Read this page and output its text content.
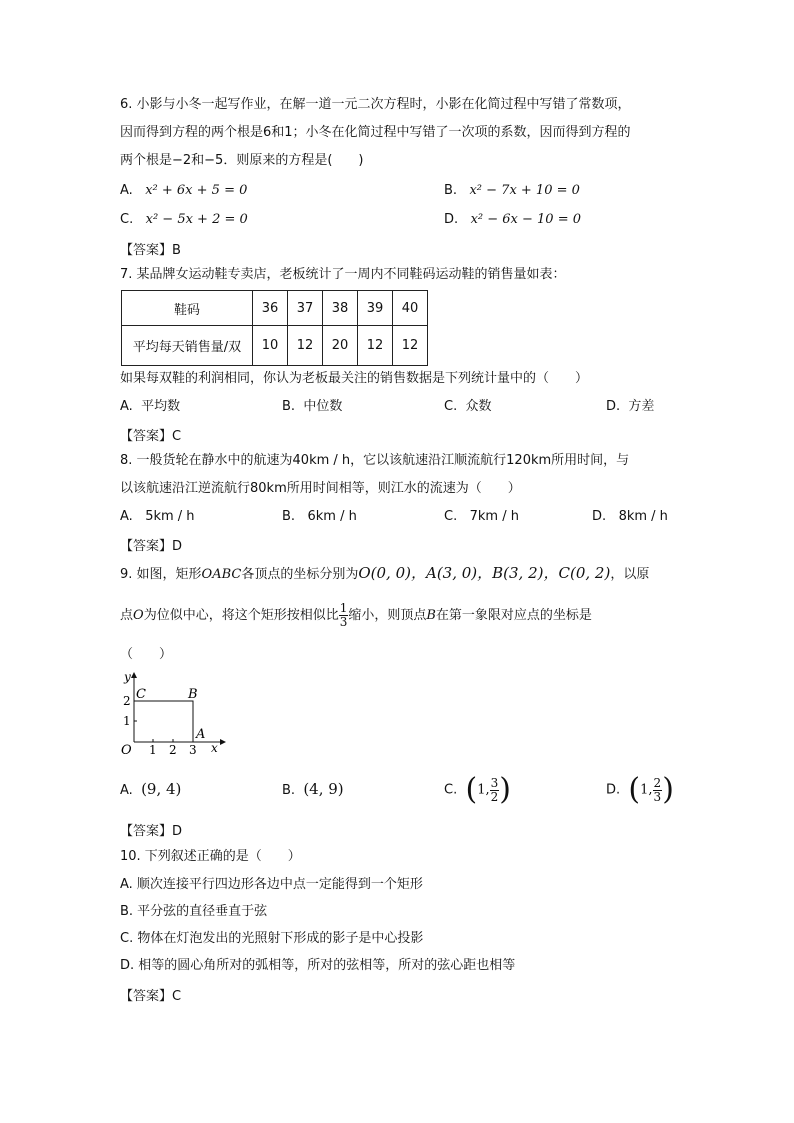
6. 小影与小冬一起写作业，在解一道一元二次方程时，小影在化简过程中写错了常数项，
因而得到方程的两个根是6和1；小冬在化简过程中写错了一次项的系数，因而得到方程的
两个根是−2和−5．则原来的方程是(　　)
A. x² + 6x + 5 = 0	B. x² − 7x + 10 = 0
C. x² − 5x + 2 = 0	D. x² − 6x − 10 = 0
【答案】B
7. 某品牌女运动鞋专卖店，老板统计了一周内不同鞋码运动鞋的销售量如表：
鞋码	36	37	38	39	40
平均每天销售量/双	10	12	20	12	12
如果每双鞋的利润相同，你认为老板最关注的销售数据是下列统计量中的（　　）
A. 平均数	B. 中位数	C. 众数	D. 方差
【答案】C
8. 一般货轮在静水中的航速为40km / h，它以该航速沿江顺流航行120km所用时间，与
以该航速沿江逆流航行80km所用时间相等，则江水的流速为（　　）
A. 5km / h	B. 6km / h	C. 7km / h	D. 8km / h
【答案】D
9. 如图，矩形OABC各顶点的坐标分别为O(0, 0)，A(3, 0)，B(3, 2)，C(0, 2)，以原
点O为位似中心，将这个矩形按相似比 $\frac{1}{3}$ 缩小，则顶点B在第一象限对应点的坐标是
（　　）
y
x
O 1 2 3
1
2 C	B
A
A. (9, 4)	B. (4, 9)	C. (1, $\frac{3}{2}$ )	D. (1, $\frac{2}{3}$ )
【答案】D
10. 下列叙述正确的是（　　）
A. 顺次连接平行四边形各边中点一定能得到一个矩形
B. 平分弦的直径垂直于弦
C. 物体在灯泡发出的光照射下形成的影子是中心投影
D. 相等的圆心角所对的弧相等，所对的弦相等，所对的弦心距也相等
【答案】C
